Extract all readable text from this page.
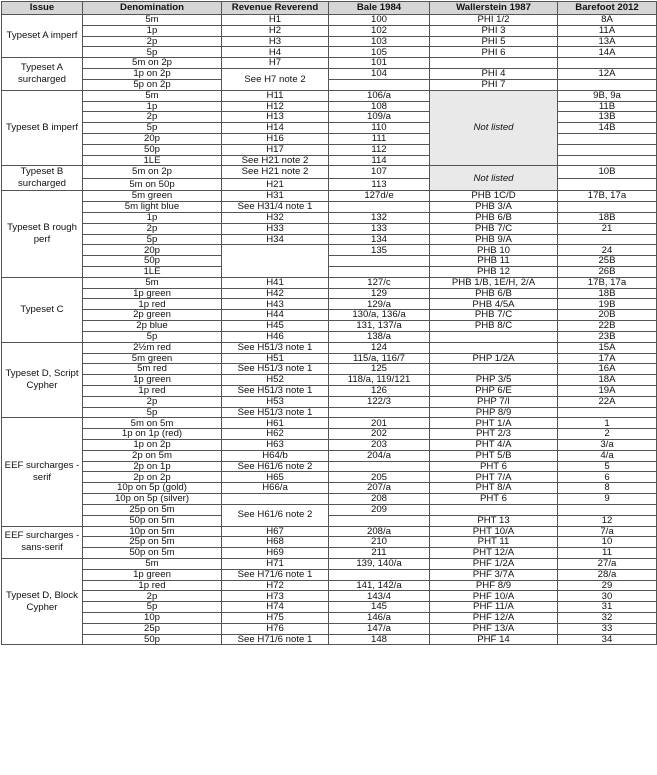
Issue	Denomination	Revenue Reverend	Bale 1984	Wallerstein 1987	Barefoot 2012
Typeset A imperf	5m	H1	100	PHI 1/2	8A
	1p	H2	102	PHI 3	11A
	2p	H3	103	PHI 5	13A
	5p	H4	105	PHI 6	14A
Typeset A surcharged	5m on 2p	H7	101		
	1p on 2p	See H7 note 2	104	PHI 4	12A
	5p on 2p			PHI 7	
Typeset B imperf	5m	H11	106/a	Not listed	9B, 9a
	1p	H12	108		11B
	2p	H13	109/a		13B
	5p	H14	110		14B
	20p	H16	111		
	50p	H17	112		
	1LE	See H21 note 2	114		
Typeset B surcharged	5m on 2p	See H21 note 2	107	Not listed	10B
	5m on 50p	H21	113		
Typeset B rough perf	5m green	H31	127d/e	PHB 1C/D	17B, 17a
	5m light blue	See H31/4 note 1		PHB 3/A	
	1p	H32	132	PHB 6/B	18B
	2p	H33	133	PHB 7/C	21
	5p	H34	134	PHB 9/A	
	20p		135	PHB 10	24
	50p			PHB 11	25B
	1LE			PHB 12	26B
Typeset C	5m	H41	127/c	PHB 1/B, 1E/H, 2/A	17B, 17a
	1p green	H42	129	PHB 6/B	18B
	1p red	H43	129/a	PHB 4/5A	19B
	2p green	H44	130/a, 136/a	PHB 7/C	20B
	2p blue	H45	131, 137/a	PHB 8/C	22B
	5p	H46	138/a		23B
Typeset D, Script Cypher	2½m red	See H51/3 note 1	124		15A
	5m green	H51	115/a, 116/7	PHP 1/2A	17A
	5m red	See H51/3 note 1	125		16A
	1p green	H52	118/a, 119/121	PHP 3/5	18A
	1p red	See H51/3 note 1	126	PHP 6/E	19A
	2p	H53	122/3	PHP 7/I	22A
	5p	See H51/3 note 1		PHP 8/9	
EEF surcharges - serif	5m on 5m	H61	201	PHT 1/A	1
	1p on 1p (red)	H62	202	PHT 2/3	2
	1p on 2p	H63	203	PHT 4/A	3/a
	2p on 5m	H64/b	204/a	PHT 5/B	4/a
	2p on 1p	See H61/6 note 2		PHT 6	5
	2p on 2p	H65	205	PHT 7/A	6
	10p on 5p (gold)	H66/a	207/a	PHT 8/A	8
	10p on 5p (silver)		208	PHT 6	9
	25p on 5m	See H61/6 note 2	209		
	50p on 5m			PHT 13	12
EEF surcharges - sans-serif	10p on 5m	H67	208/a	PHT 10/A	7/a
	25p on 5m	H68	210	PHT 11	10
	50p on 5m	H69	211	PHT 12/A	11
Typeset D, Block Cypher	5m	H71	139, 140/a	PHF 1/2A	27/a
	1p green	See H71/6 note 1		PHF 3/7A	28/a
	1p red	H72	141, 142/a	PHF 8/9	29
	2p	H73	143/4	PHF 10/A	30
	5p	H74	145	PHF 11/A	31
	10p	H75	146/a	PHF 12/A	32
	25p	H76	147/a	PHF 13/A	33
	50p	See H71/6 note 1	148	PHF 14	34
